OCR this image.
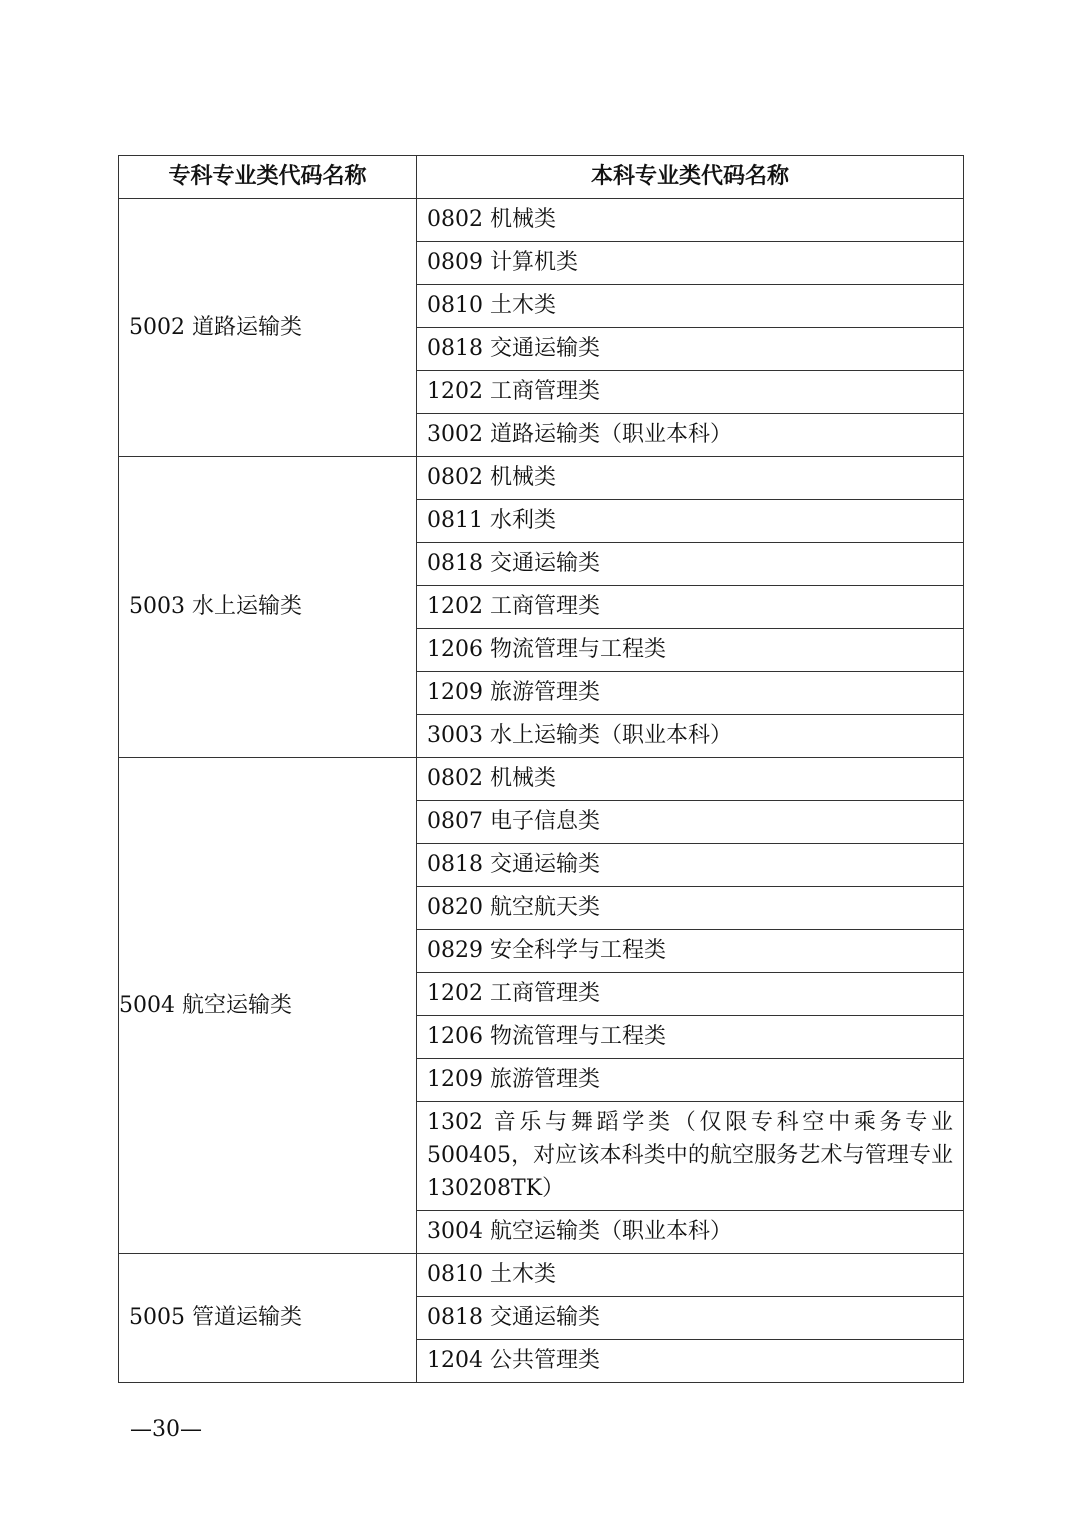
专科专业类代码名称	本科专业类代码名称
5002 道路运输类	0802 机械类
	0809 计算机类
	0810 土木类
	0818 交通运输类
	1202 工商管理类
	3002 道路运输类（职业本科）
5003 水上运输类	0802 机械类
	0811 水利类
	0818 交通运输类
	1202 工商管理类
	1206 物流管理与工程类
	1209 旅游管理类
	3003 水上运输类（职业本科）
5004 航空运输类	0802 机械类
	0807 电子信息类
	0818 交通运输类
	0820 航空航天类
	0829 安全科学与工程类
	1202 工商管理类
	1206 物流管理与工程类
	1209 旅游管理类
	1302 音乐与舞蹈学类（仅限专科空中乘务专业500405，对应该本科类中的航空服务艺术与管理专业 130208TK）
	3004 航空运输类（职业本科）
5005 管道运输类	0810 土木类
	0818 交通运输类
	1204 公共管理类
—30—
